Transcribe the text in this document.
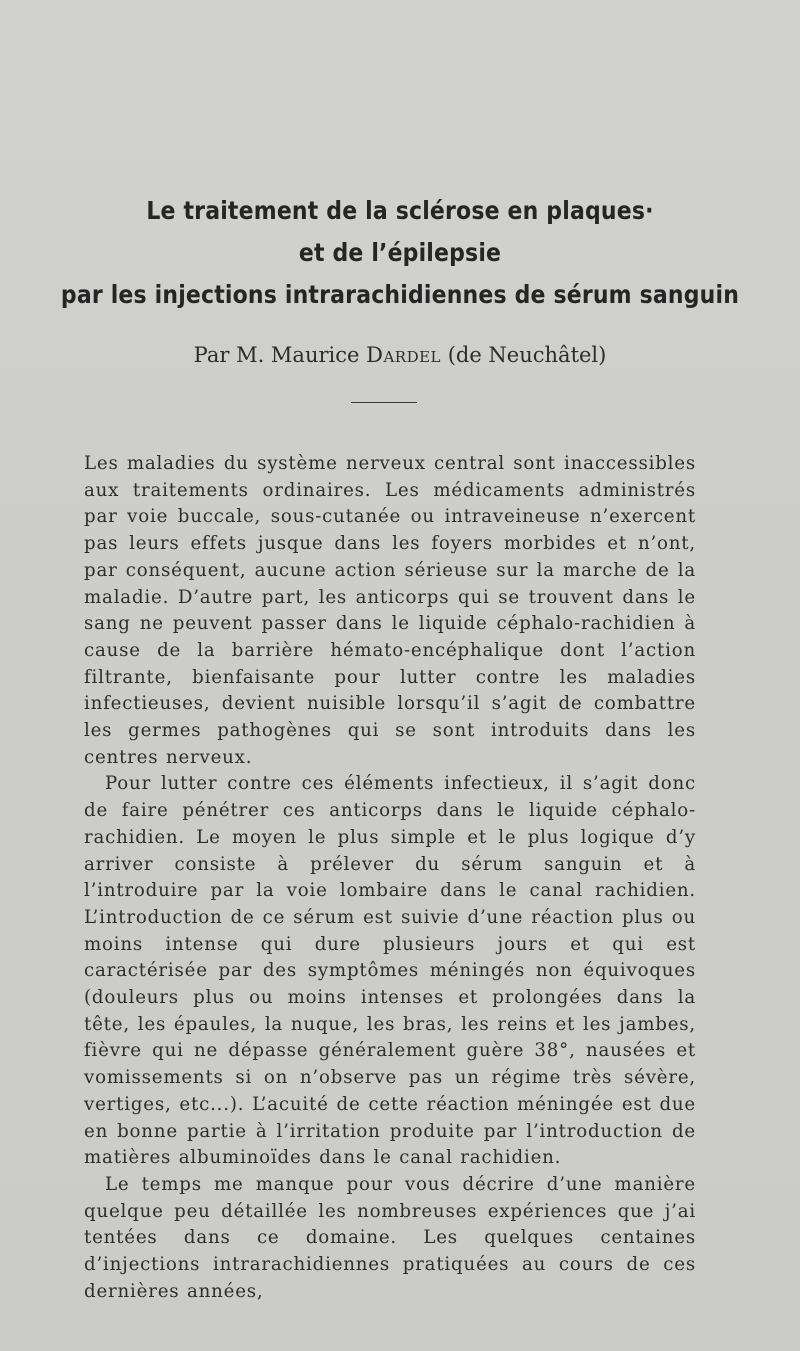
Le traitement de la sclérose en plaques·
et de l’épilepsie
par les injections intrarachidiennes de sérum sanguin
Par M. Maurice Dardel (de Neuchâtel)

Les maladies du système nerveux central sont inaccessibles aux traitements ordinaires. Les médicaments administrés par voie buccale, sous-cutanée ou intraveineuse n’exercent pas leurs effets jusque dans les foyers morbides et n’ont, par conséquent, aucune action sérieuse sur la marche de la maladie. D’autre part, les anticorps qui se trouvent dans le sang ne peuvent passer dans le liquide céphalo-rachidien à cause de la barrière hémato-encéphalique dont l’action filtrante, bienfaisante pour lutter contre les maladies infectieuses, devient nuisible lorsqu’il s’agit de combattre les germes pathogènes qui se sont introduits dans les centres nerveux.

Pour lutter contre ces éléments infectieux, il s’agit donc de faire pénétrer ces anticorps dans le liquide céphalo-rachidien. Le moyen le plus simple et le plus logique d’y arriver consiste à prélever du sérum sanguin et à l’introduire par la voie lombaire dans le canal rachidien. L’introduction de ce sérum est suivie d’une réaction plus ou moins intense qui dure plusieurs jours et qui est caractérisée par des symptômes méningés non équivoques (douleurs plus ou moins intenses et prolongées dans la tête, les épaules, la nuque, les bras, les reins et les jambes, fièvre qui ne dépasse généralement guère 38°, nausées et vomissements si on n’observe pas un régime très sévère, vertiges, etc...). L’acuité de cette réaction méningée est due en bonne partie à l’irritation produite par l’introduction de matières albuminoïdes dans le canal rachidien.

Le temps me manque pour vous décrire d’une manière quelque peu détaillée les nombreuses expériences que j’ai tentées dans ce domaine. Les quelques centaines d’injections intrarachidiennes pratiquées au cours de ces dernières années,
